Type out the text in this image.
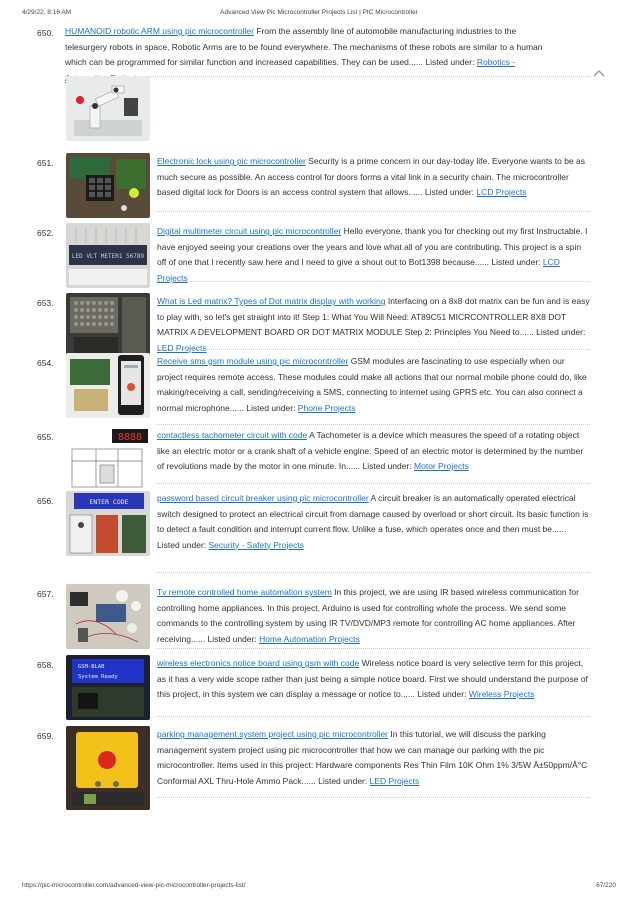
4/29/22, 8:16 AM	Advanced View Pic Microcontroller Projects List | PIC Microcontroller
650. HUMANOID robotic ARM using pic microcontroller From the assembly line of automobile manufacturing industries to the telesurgery robots in space, Robotic Arms are to be found everywhere. The mechanisms of these robots are similar to a human which can be programmed for similar function and increased capabilities. They can be used...... Listed under: Robotics -
651.	Electronic lock using pic microcontroller Security is a prime concern in our day-today life. Everyone wants to be as much secure as possible. An access control for doors forms a vital link in a security chain. The microcontroller based digital lock for Doors is an access control system that allows...... Listed under: LCD Projects
652.
LED VLT METER1 56789
Digital multimeter circuit using pic microcontroller Hello everyone, thank you for checking out my first Instructable. I have enjoyed seeing your creations over the years and love what all of you are contributing. This project is a spin off of one that I recently saw here and I need to give a shout out to Bot1398 because...... Listed under: LCD Projects
653.	What is Led matrix? Types of Dot matrix display with working Interfacing on a 8x8 dot matrix can be fun and is easy to play with, so let's get straight into it! Step 1: What You Will Need: AT89C51 MICRCONTROLLER 8X8 DOT MATRIX A DEVELOPMENT BOARD OR DOT MATRIX MODULE Step 2: Principles You Need to...... Listed under: LED Projects
654.	Receive sms gsm module using pic microcontroller GSM modules are fascinating to use especially when our project requires remote access. These modules could make all actions that our normal mobile phone could do, like making/receiving a call, sending/receiving a SMS, connecting to internet using GPRS etc. You can also connect a normal microphone...... Listed under: Phone Projects
655.	8888 contactless tachometer circuit with code A Tachometer is a device which measures the speed of a rotating object like an electric motor or a crank shaft of a vehicle engine. Speed of an electric motor is determined by the number of revolutions made by the motor in one minute. In...... Listed under: Motor Projects
656.	ENTER CODE	password based circuit breaker using pic microcontroller A circuit breaker is an automatically operated electrical switch designed to protect an electrical circuit from damage caused by overload or short circuit. Its basic function is to detect a fault condition and interrupt current flow. Unlike a fuse, which operates once and then must be...... Listed under: Security - Safety Projects
657.	Tv remote controlled home automation system In this project, we are using IR based wireless communication for controlling home appliances. In this project, Arduino is used for controlling whole the process. We send some commands to the controlling system by using IR TV/DVD/MP3 remote for controlling AC home appliances. After receiving...... Listed under: Home Automation Projects
658.	GSM-BLAB
System Ready
wireless electronics notice board using gsm with code Wireless notice board is very selective term for this project, as it has a very wide scope rather than just being a simple notice board. First we should understand the purpose of this project, in this system we can display a message or notice to...... Listed under: Wireless Projects
659.	parking management system project using pic microcontroller In this tutorial, we will discuss the parking management system project using pic microcontroller that how we can manage our parking with the pic microcontroller. Items used in this project: Hardware components Res Thin Film 10K Ohm 1% 3/5W Â±50ppm/Â°C Conformal AXL Thru-Hole Ammo Pack...... Listed under: LED Projects
https://pic-microcontroller.com/advanced-view-pic-microcontroller-projects-list/	67/220
